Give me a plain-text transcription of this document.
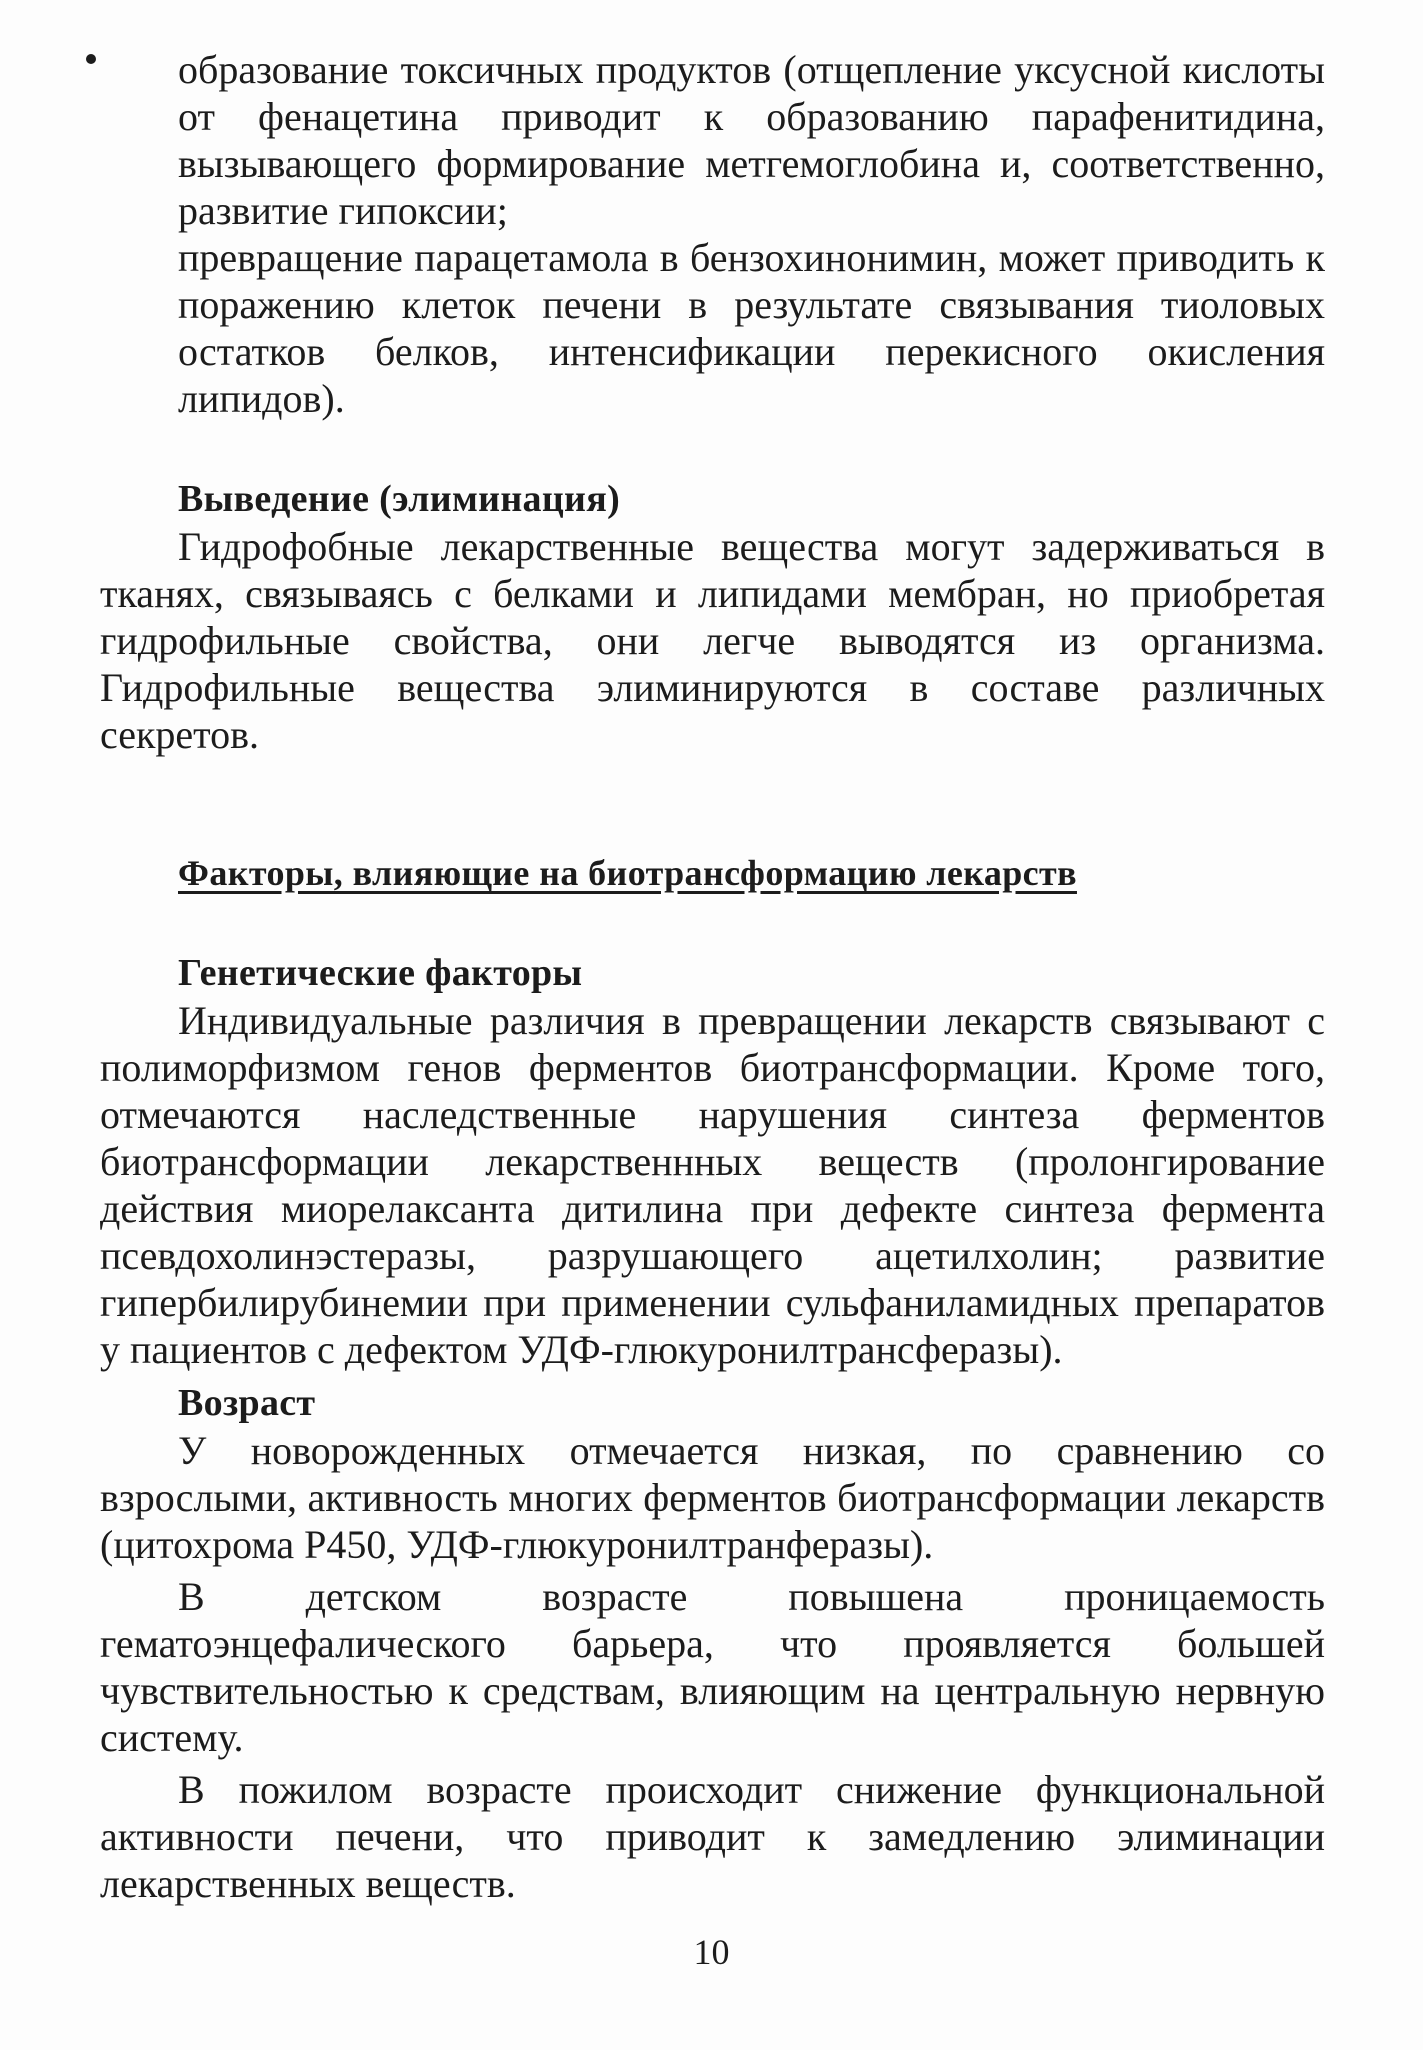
образование токсичных продуктов (отщепление уксусной кислоты от фенацетина приводит к образованию парафенитидина, вызывающего формирование метгемоглобина и, соответственно, развитие гипоксии;

превращение парацетамола в бензохинонимин, может приводить к поражению клеток печени в результате связывания тиоловых остатков белков, интенсификации перекисного окисления липидов).

Выведение (элиминация)

Гидрофобные лекарственные вещества могут задерживаться в тканях, связываясь с белками и липидами мембран, но приобретая гидрофильные свойства, они легче выводятся из организма. Гидрофильные вещества элиминируются в составе различных секретов.

Факторы, влияющие на биотрансформацию лекарств
Генетические факторы

Индивидуальные различия в превращении лекарств связывают с полиморфизмом генов ферментов биотрансформации. Кроме того, отмечаются наследственные нарушения синтеза ферментов биотрансформации лекарственнных веществ (пролонгирование действия миорелаксанта дитилина при дефекте синтеза фермента псевдохолинэстеразы, разрушающего ацетилхолин; развитие гипербилирубинемии при применении сульфаниламидных препаратов у пациентов с дефектом УДФ-глюкуронилтрансферазы).

Возраст

У новорожденных отмечается низкая, по сравнению со взрослыми, активность многих ферментов биотрансформации лекарств (цитохрома Р450, УДФ-глюкуронилтранферазы).

В детском возрасте повышена проницаемость гематоэнцефалического барьера, что проявляется большей чувствительностью к средствам, влияющим на центральную нервную систему.

В пожилом возрасте происходит снижение функциональной активности печени, что приводит к замедлению элиминации лекарственных веществ.

10
